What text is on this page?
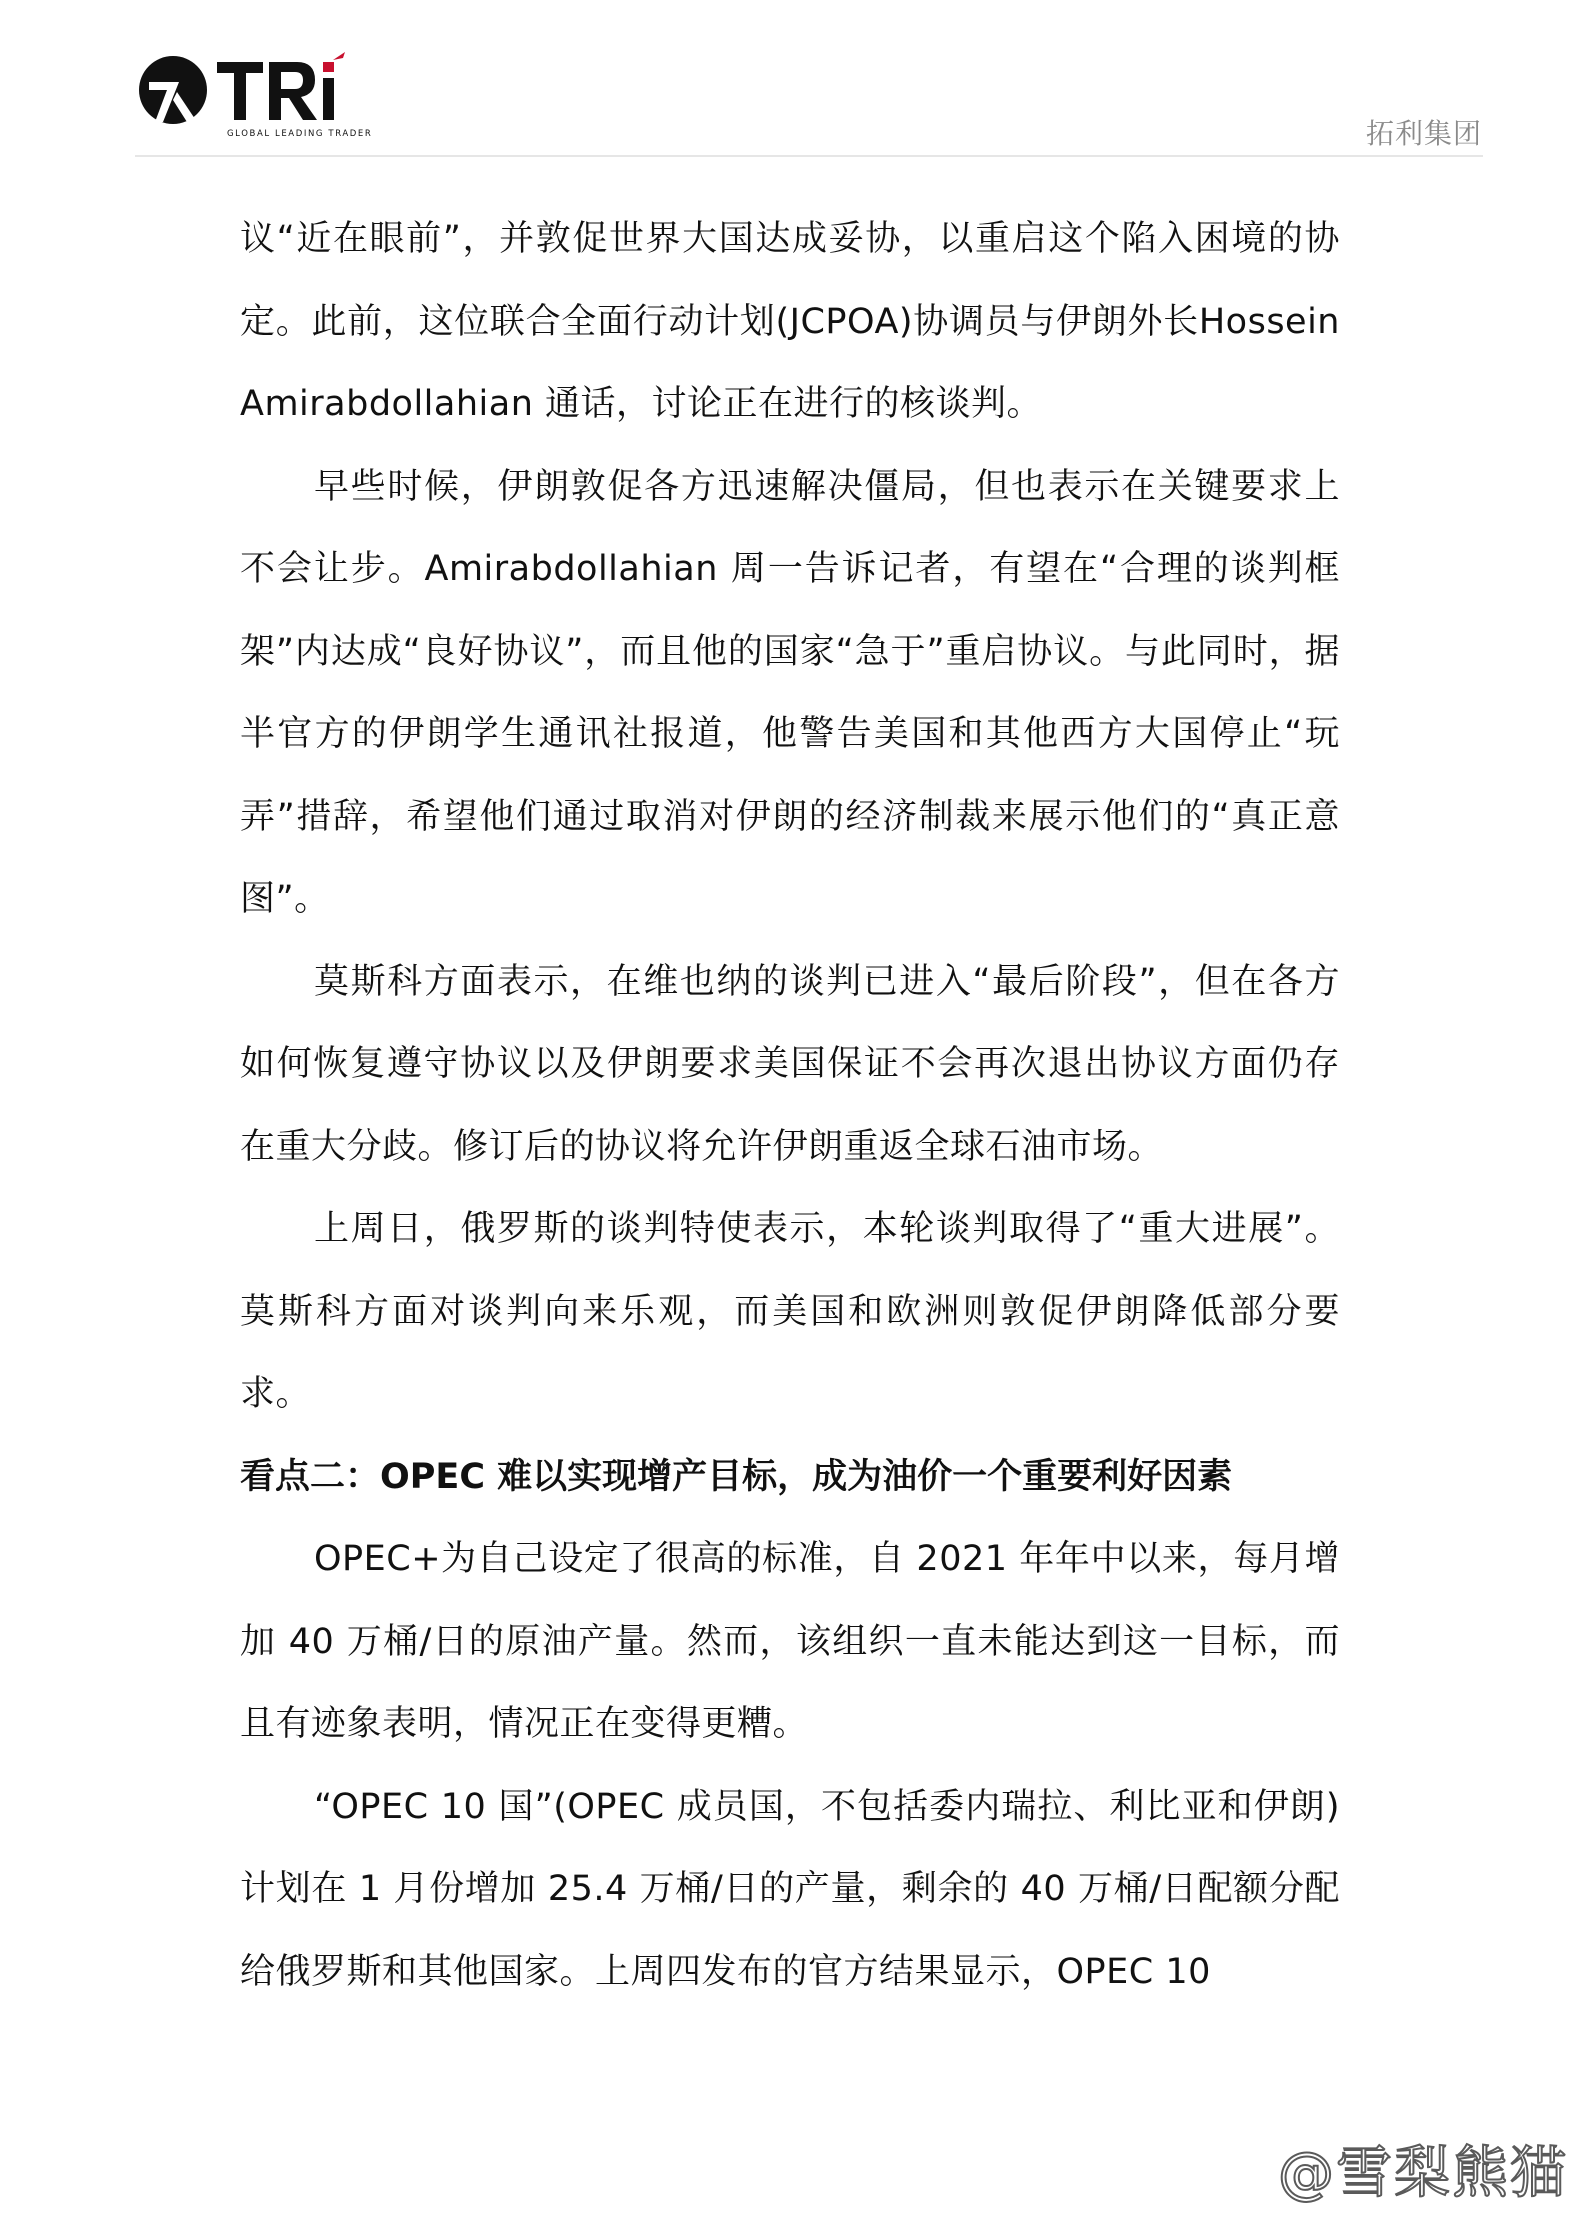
GLOBAL LEADING TRADER	拓利集团

议“近在眼前”，并敦促世界大国达成妥协，以重启这个陷入困境的协定。此前，这位联合全面行动计划(JCPOA)协调员与伊朗外长Hossein Amirabdollahian 通话，讨论正在进行的核谈判。

早些时候，伊朗敦促各方迅速解决僵局，但也表示在关键要求上不会让步。Amirabdollahian 周一告诉记者，有望在“合理的谈判框架”内达成“良好协议”，而且他的国家“急于”重启协议。与此同时，据半官方的伊朗学生通讯社报道，他警告美国和其他西方大国停止“玩弄”措辞，希望他们通过取消对伊朗的经济制裁来展示他们的“真正意图”。

莫斯科方面表示，在维也纳的谈判已进入“最后阶段”，但在各方如何恢复遵守协议以及伊朗要求美国保证不会再次退出协议方面仍存在重大分歧。修订后的协议将允许伊朗重返全球石油市场。

上周日，俄罗斯的谈判特使表示，本轮谈判取得了“重大进展”。莫斯科方面对谈判向来乐观，而美国和欧洲则敦促伊朗降低部分要求。

看点二：OPEC 难以实现增产目标，成为油价一个重要利好因素

OPEC+为自己设定了很高的标准，自 2021 年年中以来，每月增加 40 万桶/日的原油产量。然而，该组织一直未能达到这一目标，而且有迹象表明，情况正在变得更糟。

“OPEC 10 国”(OPEC 成员国，不包括委内瑞拉、利比亚和伊朗)计划在 1 月份增加 25.4 万桶/日的产量，剩余的 40 万桶/日配额分配给俄罗斯和其他国家。上周四发布的官方结果显示，OPEC 10

@雪梨熊猫
